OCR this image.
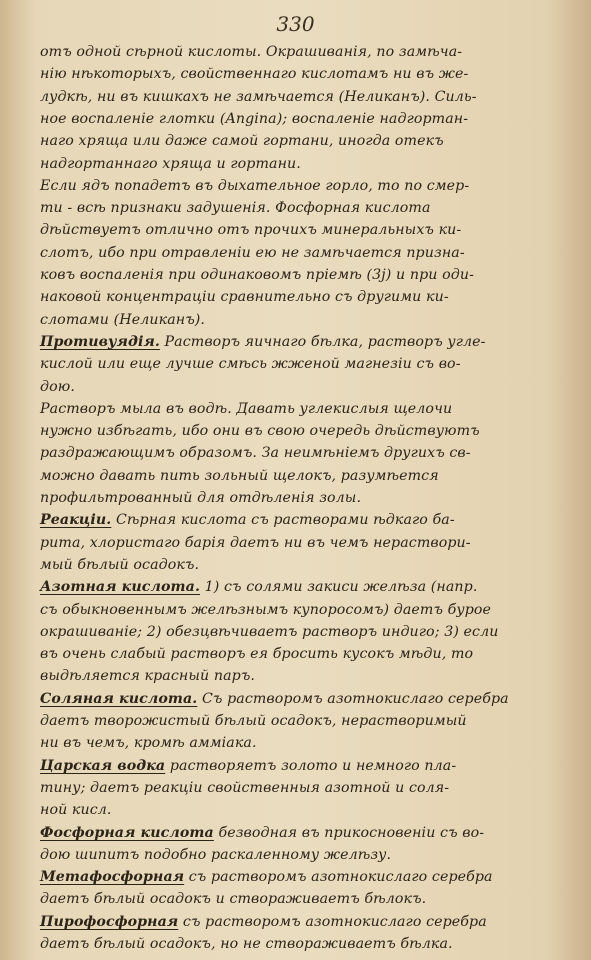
330
отъ одной сѣрной кислоты. Окрашиванія, по замѣча-
нію нѣкоторыхъ, свойственнаго кислотамъ ни въ же-
лудкѣ, ни въ кишкахъ не замѣчается (Неликанъ). Силь-
ное воспаленіе глотки (Angina); воспаленіе надгортан-
наго хряща или даже самой гортани, иногда отекъ
надгортаннаго хряща и гортани.
Если ядъ попадетъ въ дыхательное горло, то по смер-
ти - всѣ признаки задушенія. Фосфорная кислота
дѣйствуетъ отлично отъ прочихъ минеральныхъ ки-
слотъ, ибо при отравленіи ею не замѣчается призна-
ковъ воспаленія при одинаковомъ пріемѣ (3j) и при оди-
наковой концентраціи сравнительно съ другими ки-
слотами (Неликанъ).
Противуядія. Растворъ яичнаго бѣлка, растворъ угле-
кислой или еще лучше смѣсь жженой магнезіи съ во-
дою.
Растворъ мыла въ водѣ. Давать углекислыя щелочи
нужно избѣгать, ибо они въ свою очередь дѣйствуютъ
раздражающимъ образомъ. За неимѣніемъ другихъ св-
можно давать пить зольный щелокъ, разумѣется
профильтрованный для отдѣленія золы.
Реакціи. Сѣрная кислота съ растворами ѣдкаго ба-
рита, хлористаго барія даетъ ни въ чемъ нераствори-
мый бѣлый осадокъ.
Азотная кислота. 1) съ солями закиси желѣза (напр.
съ обыкновеннымъ желѣзнымъ купоросомъ) даетъ бурое
окрашиваніе; 2) обезцвѣчиваетъ растворъ индиго; 3) если
въ очень слабый растворъ ея бросить кусокъ мѣди, то
выдѣляется красный паръ.
Соляная кислота. Съ растворомъ азотнокислаго серебра
даетъ творожистый бѣлый осадокъ, нерастворимый
ни въ чемъ, кромѣ аммiака.
Царская водка растворяетъ золото и немного пла-
тину; даетъ реакціи свойственныя азотной и соля-
ной кисл.
Фосфорная кислота безводная въ прикосновеніи съ во-
дою шипитъ подобно раскаленному желѣзу.
Метафосфорная съ растворомъ азотнокислаго серебра
даетъ бѣлый осадокъ и створаживаетъ бѣлокъ.
Пирофосфорная съ растворомъ азотнокислаго серебра
даетъ бѣлый осадокъ, но не створаживаетъ бѣлка.
